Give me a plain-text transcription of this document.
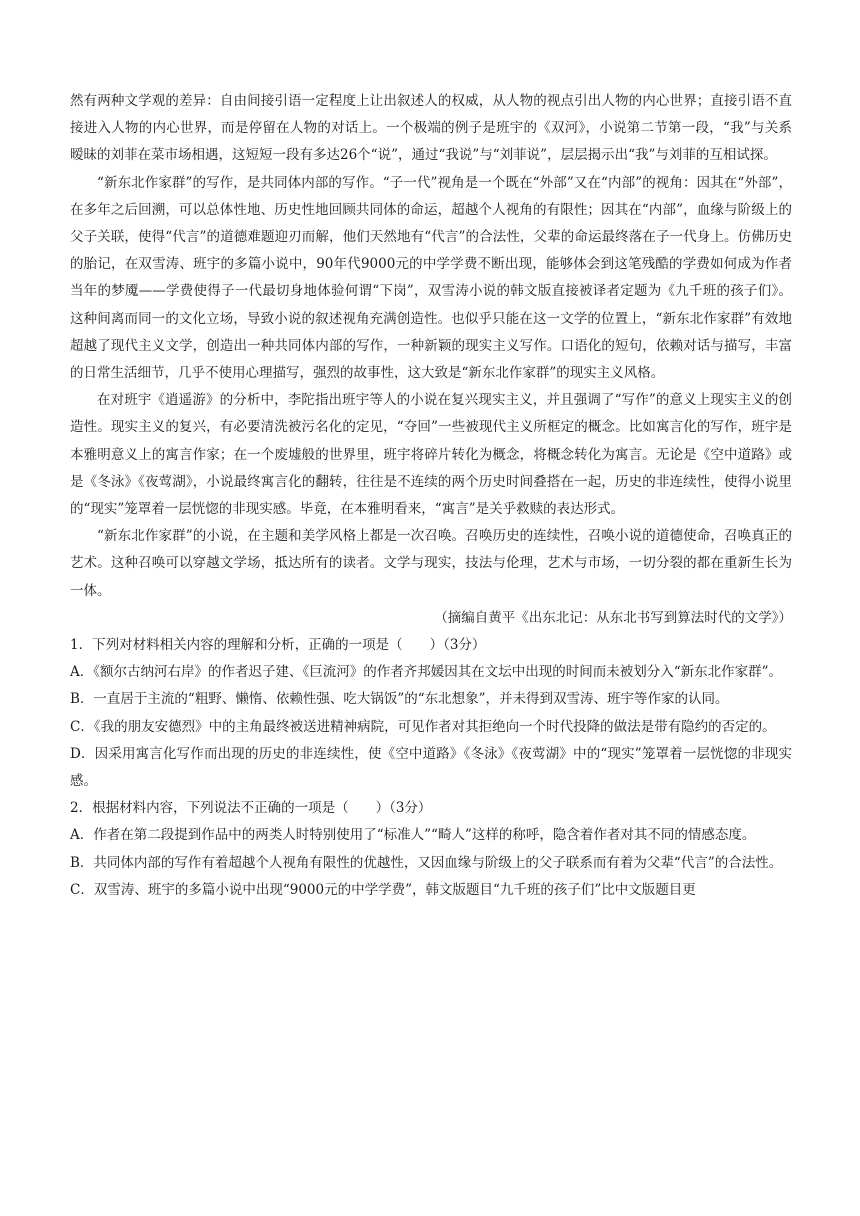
然有两种文学观的差异：自由间接引语一定程度上让出叙述人的权威，从人物的视点引出人物的内心世界；直接引语不直接进入人物的内心世界，而是停留在人物的对话上。一个极端的例子是班宇的《双河》，小说第二节第一段，“我”与关系暧昧的刘菲在菜市场相遇，这短短一段有多达26个“说”，通过“我说”与“刘菲说”，层层揭示出“我”与刘菲的互相试探。

“新东北作家群”的写作，是共同体内部的写作。“子一代”视角是一个既在“外部”又在“内部”的视角：因其在“外部”，在多年之后回溯，可以总体性地、历史性地回顾共同体的命运，超越个人视角的有限性；因其在“内部”，血缘与阶级上的父子关联，使得“代言”的道德难题迎刃而解，他们天然地有“代言”的合法性，父辈的命运最终落在子一代身上。仿佛历史的胎记，在双雪涛、班宇的多篇小说中，90年代9000元的中学学费不断出现，能够体会到这笔残酷的学费如何成为作者当年的梦魇——学费使得子一代最切身地体验何谓“下岗”，双雪涛小说的韩文版直接被译者定题为《九千班的孩子们》。这种间离而同一的文化立场，导致小说的叙述视角充满创造性。也似乎只能在这一文学的位置上，“新东北作家群”有效地超越了现代主义文学，创造出一种共同体内部的写作，一种新颖的现实主义写作。口语化的短句，依赖对话与描写，丰富的日常生活细节，几乎不使用心理描写，强烈的故事性，这大致是“新东北作家群”的现实主义风格。

在对班宇《逍遥游》的分析中，李陀指出班宇等人的小说在复兴现实主义，并且强调了“写作”的意义上现实主义的创造性。现实主义的复兴，有必要清洗被污名化的定见，“夺回”一些被现代主义所框定的概念。比如寓言化的写作，班宇是本雅明意义上的寓言作家；在一个废墟般的世界里，班宇将碎片转化为概念，将概念转化为寓言。无论是《空中道路》或是《冬泳》《夜莺湖》，小说最终寓言化的翻转，往往是不连续的两个历史时间叠搭在一起，历史的非连续性，使得小说里的“现实”笼罩着一层恍惚的非现实感。毕竟，在本雅明看来，“寓言”是关乎救赎的表达形式。

“新东北作家群”的小说，在主题和美学风格上都是一次召唤。召唤历史的连续性，召唤小说的道德使命，召唤真正的艺术。这种召唤可以穿越文学场，抵达所有的读者。文学与现实，技法与伦理，艺术与市场，一切分裂的都在重新生长为一体。

（摘编自黄平《出东北记：从东北书写到算法时代的文学》）

1．下列对材料相关内容的理解和分析，正确的一项是（　　）（3分）

A．《额尔古纳河右岸》的作者迟子建、《巨流河》的作者齐邦媛因其在文坛中出现的时间而未被划分入“新东北作家群”。

B．一直居于主流的“粗野、懒惰、依赖性强、吃大锅饭”的“东北想象”，并未得到双雪涛、班宇等作家的认同。

C．《我的朋友安德烈》中的主角最终被送进精神病院，可见作者对其拒绝向一个时代投降的做法是带有隐约的否定的。

D．因采用寓言化写作而出现的历史的非连续性，使《空中道路》《冬泳》《夜莺湖》中的“现实”笼罩着一层恍惚的非现实感。

2．根据材料内容，下列说法不正确的一项是（　　）（3分）

A．作者在第二段提到作品中的两类人时特别使用了“标准人”“畸人”这样的称呼，隐含着作者对其不同的情感态度。

B．共同体内部的写作有着超越个人视角有限性的优越性，又因血缘与阶级上的父子联系而有着为父辈“代言”的合法性。

C．双雪涛、班宇的多篇小说中出现“9000元的中学学费”，韩文版题目“九千班的孩子们”比中文版题目更
